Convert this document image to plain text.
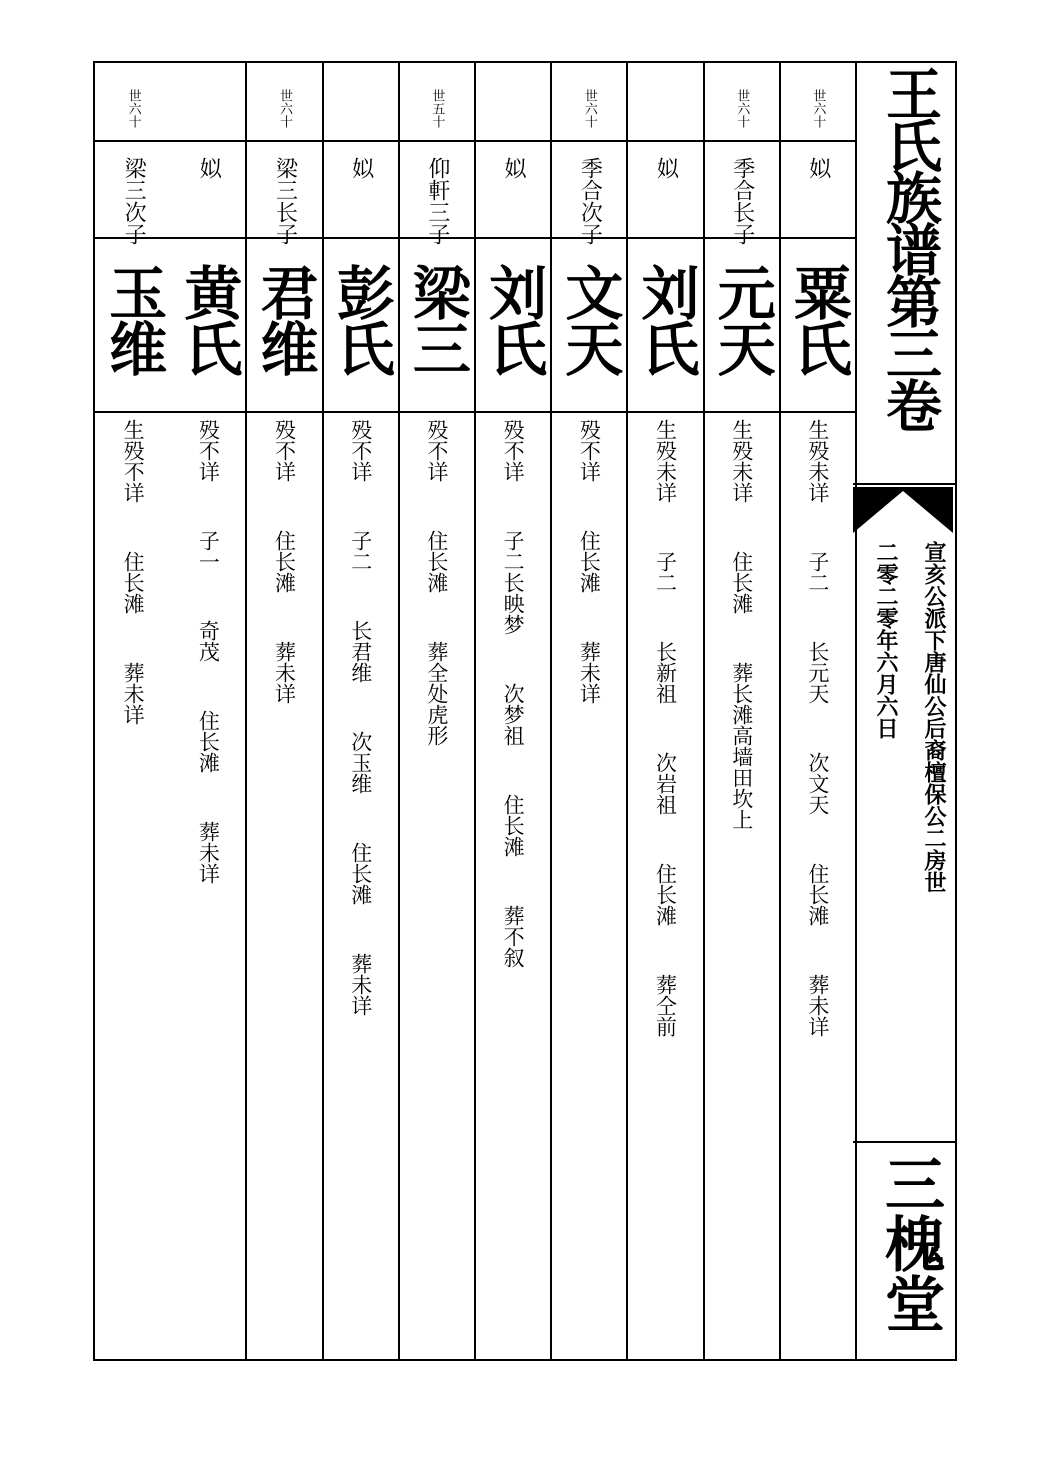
王氏族谱第三卷
宣亥公派下唐仙公后裔檀保公二房世
二零二零年六月六日
三槐堂
世六十
姒
粟氏
生殁未详  子二  长元天  次文天  住长滩  葬未详
世六十
季合长子
元天
生殁未详  住长滩  葬长滩高墙田坎上
姒
刘氏
生殁未详  子二  长新祖  次岩祖  住长滩  葬仝前
世六十
季合次子
文天
殁不详  住长滩  葬未详
姒
刘氏
殁不详  子二长映梦  次梦祖  住长滩  葬不叙
世五十
仰軒三子
梁三
殁不详  住长滩  葬全处虎形
姒
彭氏
殁不详  子二  长君维  次玉维  住长滩  葬未详
世六十
梁三长子
君维
殁不详  住长滩  葬未详
姒
黄氏
殁不详  子一  奇茂  住长滩  葬未详
世六十
梁三次子
玉维
生殁不详  住长滩  葬未详
